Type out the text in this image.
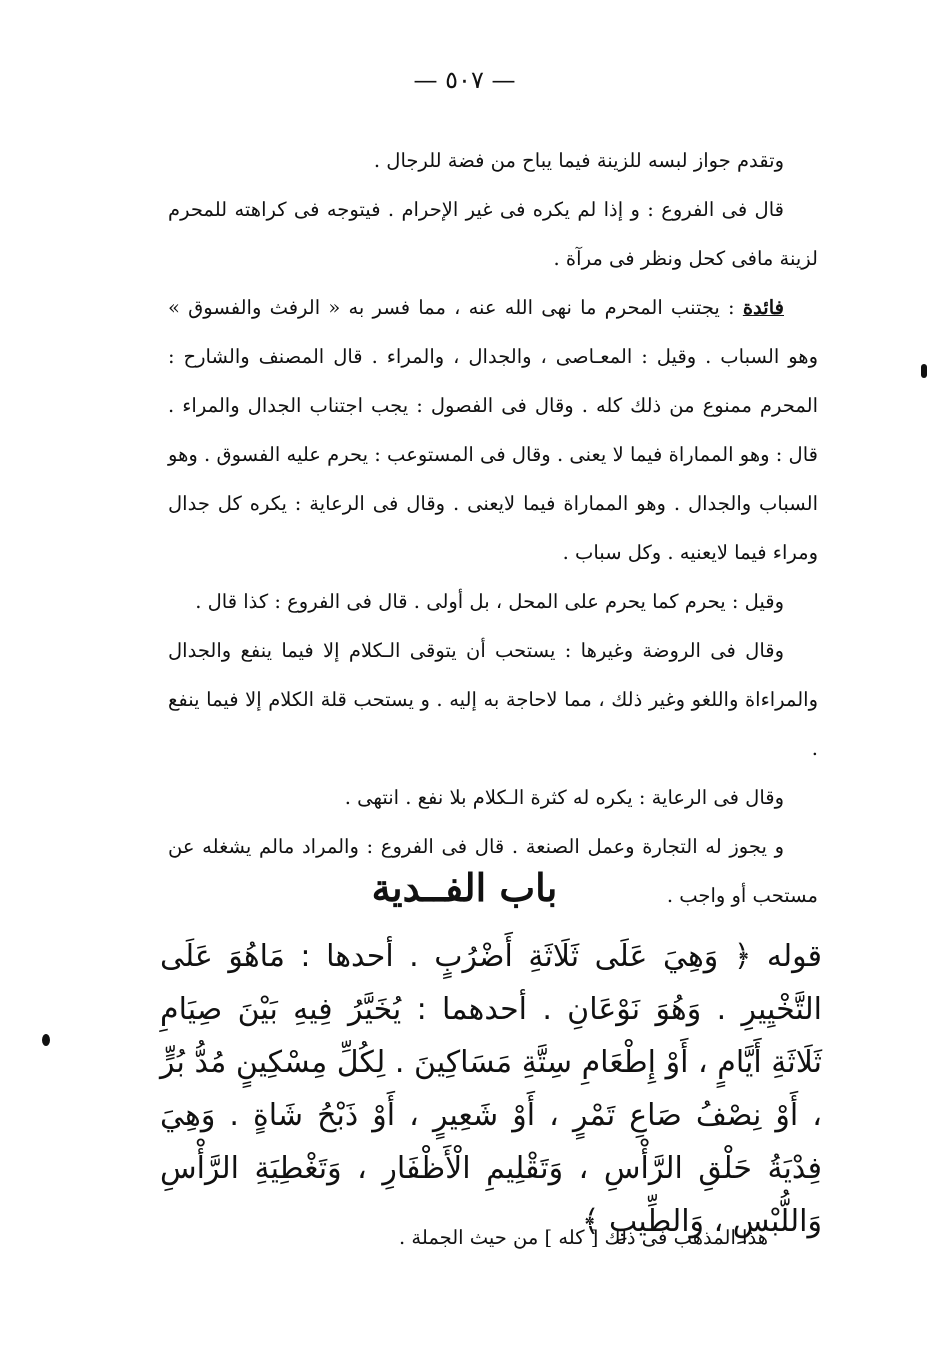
— ٥٠٧ —

وتقدم جواز لبسه للزينة فيما يباح من فضة للرجال .

قال فى الفروع : و إذا لم يكره فى غير الإحرام . فيتوجه فى كراهته للمحرم لزينة مافى كحل ونظر فى مرآة .

فائدة : يجتنب المحرم ما نهى الله عنه ، مما فسر به « الرفث والفسوق » وهو السباب . وقيل : المعـاصى ، والجدال ، والمراء . قال المصنف والشارح : المحرم ممنوع من ذلك كله . وقال فى الفصول : يجب اجتناب الجدال والمراء . قال : وهو المماراة فيما لا يعنى . وقال فى المستوعب : يحرم عليه الفسوق . وهو السباب والجدال . وهو المماراة فيما لايعنى . وقال فى الرعاية : يكره كل جدال ومراء فيما لايعنيه . وكل سباب .

وقيل : يحرم كما يحرم على المحل ، بل أولى . قال فى الفروع : كذا قال .

وقال فى الروضة وغيرها : يستحب أن يتوقى الـكلام إلا فيما ينفع والجدال والمراءاة واللغو وغير ذلك ، مما لاحاجة به إليه . و يستحب قلة الكلام إلا فيما ينفع .

وقال فى الرعاية : يكره له كثرة الـكلام بلا نفع . انتهى .

و يجوز له التجارة وعمل الصنعة . قال فى الفروع : والمراد مالم يشغله عن مستحب أو واجب .

باب الفــدية
قوله ﴿ وَهِيَ عَلَى ثَلَاثَةِ أَضْرُبٍ . أحدها : مَاهُوَ عَلَى التَّخْيِيرِ . وَهُوَ نَوْعَانِ . أحدهما : يُخَيَّرُ فِيهِ بَيْنَ صِيَامِ ثَلَاثَةِ أَيَّامٍ ، أَوْ إِطْعَامِ سِتَّةِ مَسَاكِينَ . لِكُلِّ مِسْكِينٍ مُدُّ بُرٍّ ، أَوْ نِصْفُ صَاعِ تَمْرٍ ، أَوْ شَعِيرٍ ، أَوْ ذَبْحُ شَاةٍ . وَهِيَ فِدْيَةُ حَلْقِ الرَّأْسِ ، وَتَقْلِيمِ الْأَظْفَارِ ، وَتَغْطِيَةِ الرَّأْسِ وَاللُّبْسِ ، وَالطِّيبِ ﴾
هذا المذهب فى ذلك [ كله ] من حيث الجملة .
